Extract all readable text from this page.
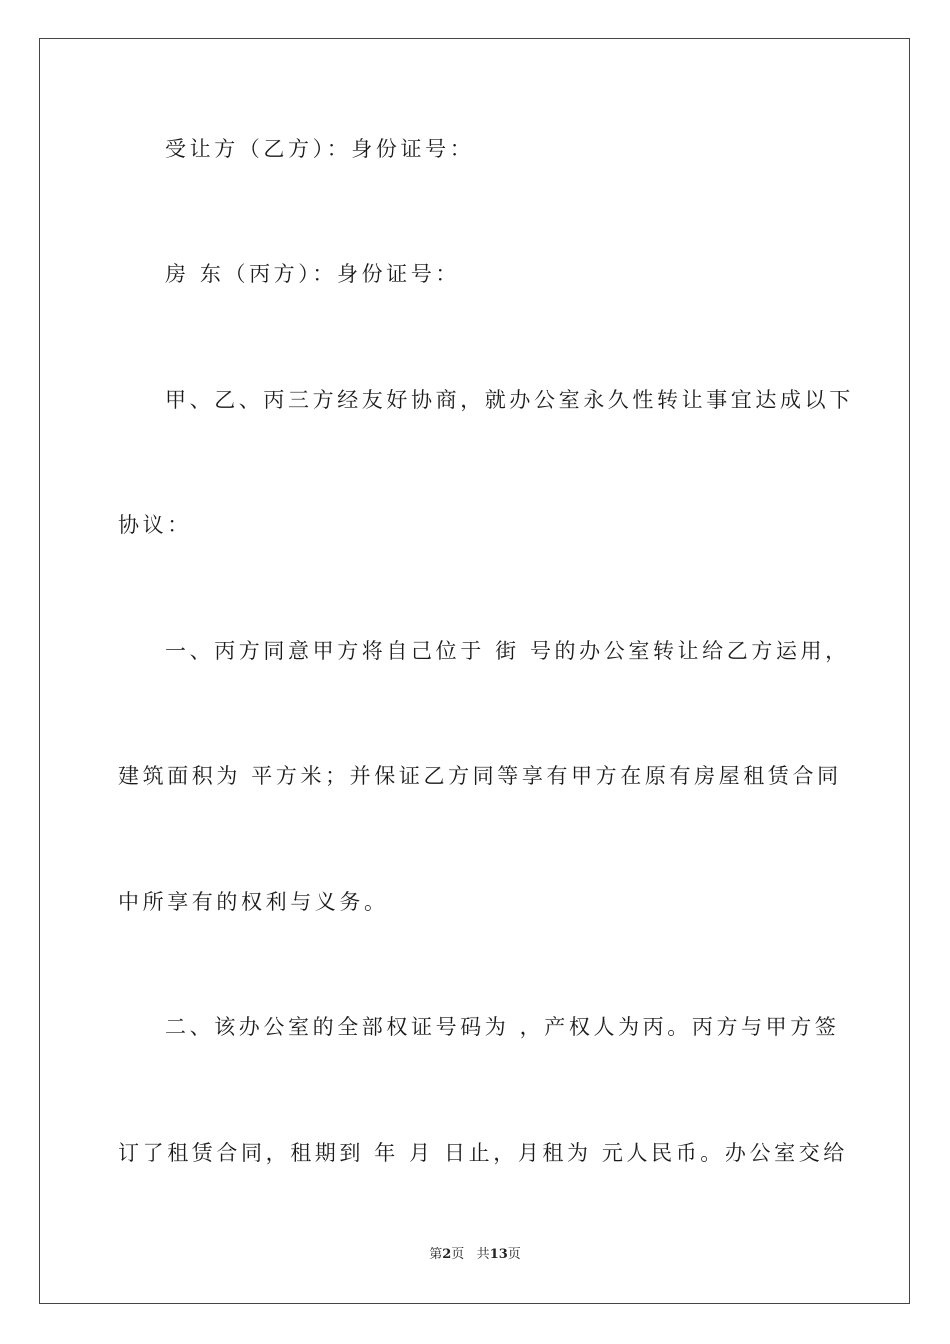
受让方（乙方）：身份证号：
房 东（丙方）：身份证号：
甲、乙、丙三方经友好协商，就办公室永久性转让事宜达成以下
协议：
一、丙方同意甲方将自己位于 街 号的办公室转让给乙方运用，
建筑面积为 平方米；并保证乙方同等享有甲方在原有房屋租赁合同
中所享有的权利与义务。
二、该办公室的全部权证号码为 ，产权人为丙。丙方与甲方签
订了租赁合同，租期到 年 月 日止，月租为 元人民币。办公室交给
第2页 共13页
